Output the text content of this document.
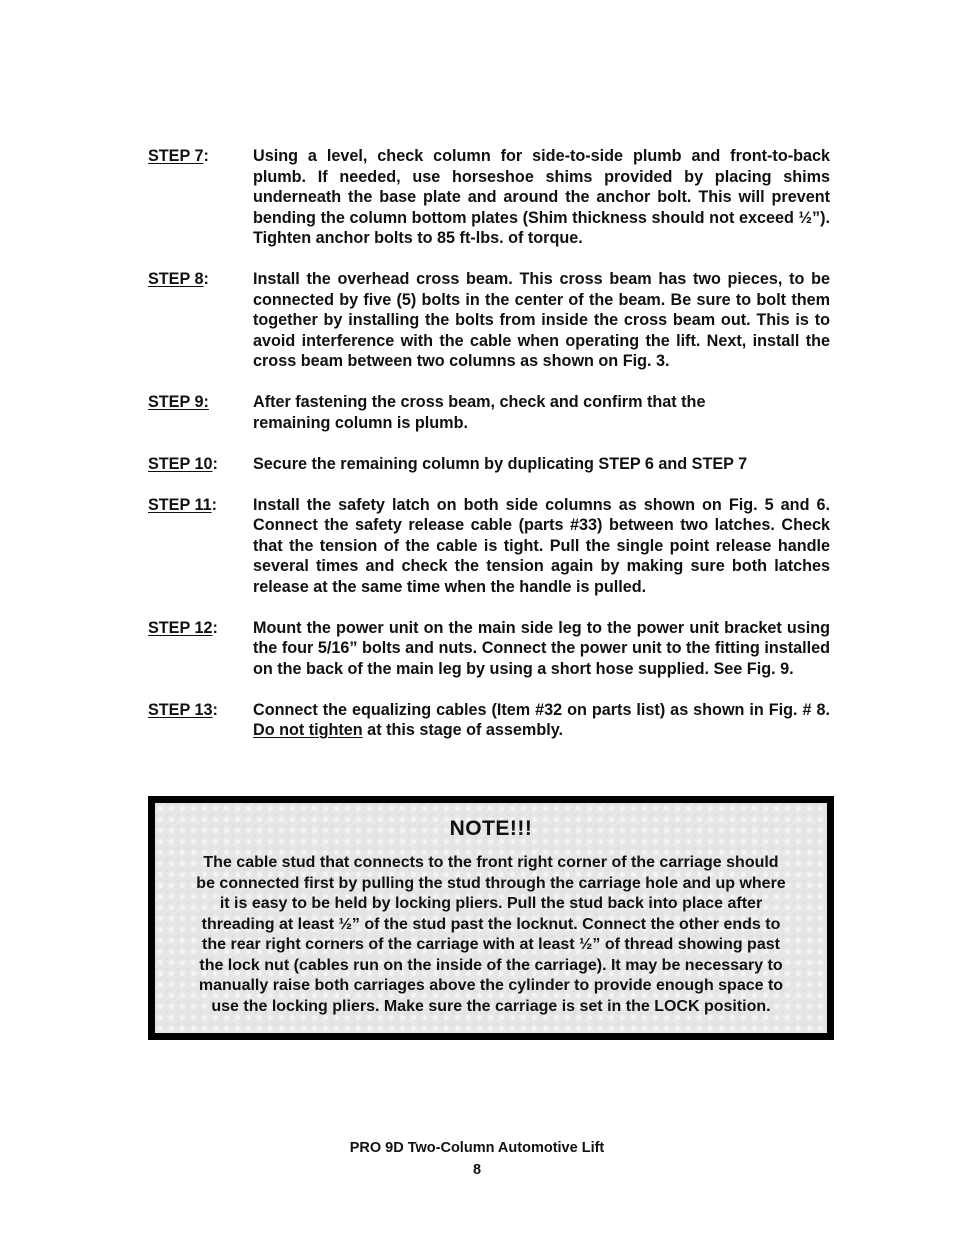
STEP 7:	Using a level, check column for side-to-side plumb and front-to-back plumb. If needed, use horseshoe shims provided by placing shims underneath the base plate and around the anchor bolt. This will prevent bending the column bottom plates (Shim thickness should not exceed ½”). Tighten anchor bolts to 85 ft-lbs. of torque.
STEP 8:	Install the overhead cross beam. This cross beam has two pieces, to be connected by five (5) bolts in the center of the beam. Be sure to bolt them together by installing the bolts from inside the cross beam out. This is to avoid interference with the cable when operating the lift. Next, install the cross beam between two columns as shown on Fig. 3.
STEP 9:	After fastening the cross beam, check and confirm that the remaining column is plumb.
STEP 10:	Secure the remaining column by duplicating STEP 6 and STEP 7
STEP 11:	Install the safety latch on both side columns as shown on Fig. 5 and 6. Connect the safety release cable (parts #33) between two latches. Check that the tension of the cable is tight. Pull the single point release handle several times and check the tension again by making sure both latches release at the same time when the handle is pulled.
STEP 12:	Mount the power unit on the main side leg to the power unit bracket using the four 5/16” bolts and nuts. Connect the power unit to the fitting installed on the back of the main leg by using a short hose supplied. See Fig. 9.
STEP 13:	Connect the equalizing cables (Item #32 on parts list) as shown in Fig. # 8. Do not tighten at this stage of assembly.
NOTE!!!
The cable stud that connects to the front right corner of the carriage should
be connected first by pulling the stud through the carriage hole and up where
it is easy to be held by locking pliers. Pull the stud back into place after
threading at least ½” of the stud past the locknut. Connect the other ends to
the rear right corners of the carriage with at least ½” of thread showing past
the lock nut (cables run on the inside of the carriage). It may be necessary to
manually raise both carriages above the cylinder to provide enough space to
use the locking pliers. Make sure the carriage is set in the LOCK position.
PRO 9D Two-Column Automotive Lift
8
